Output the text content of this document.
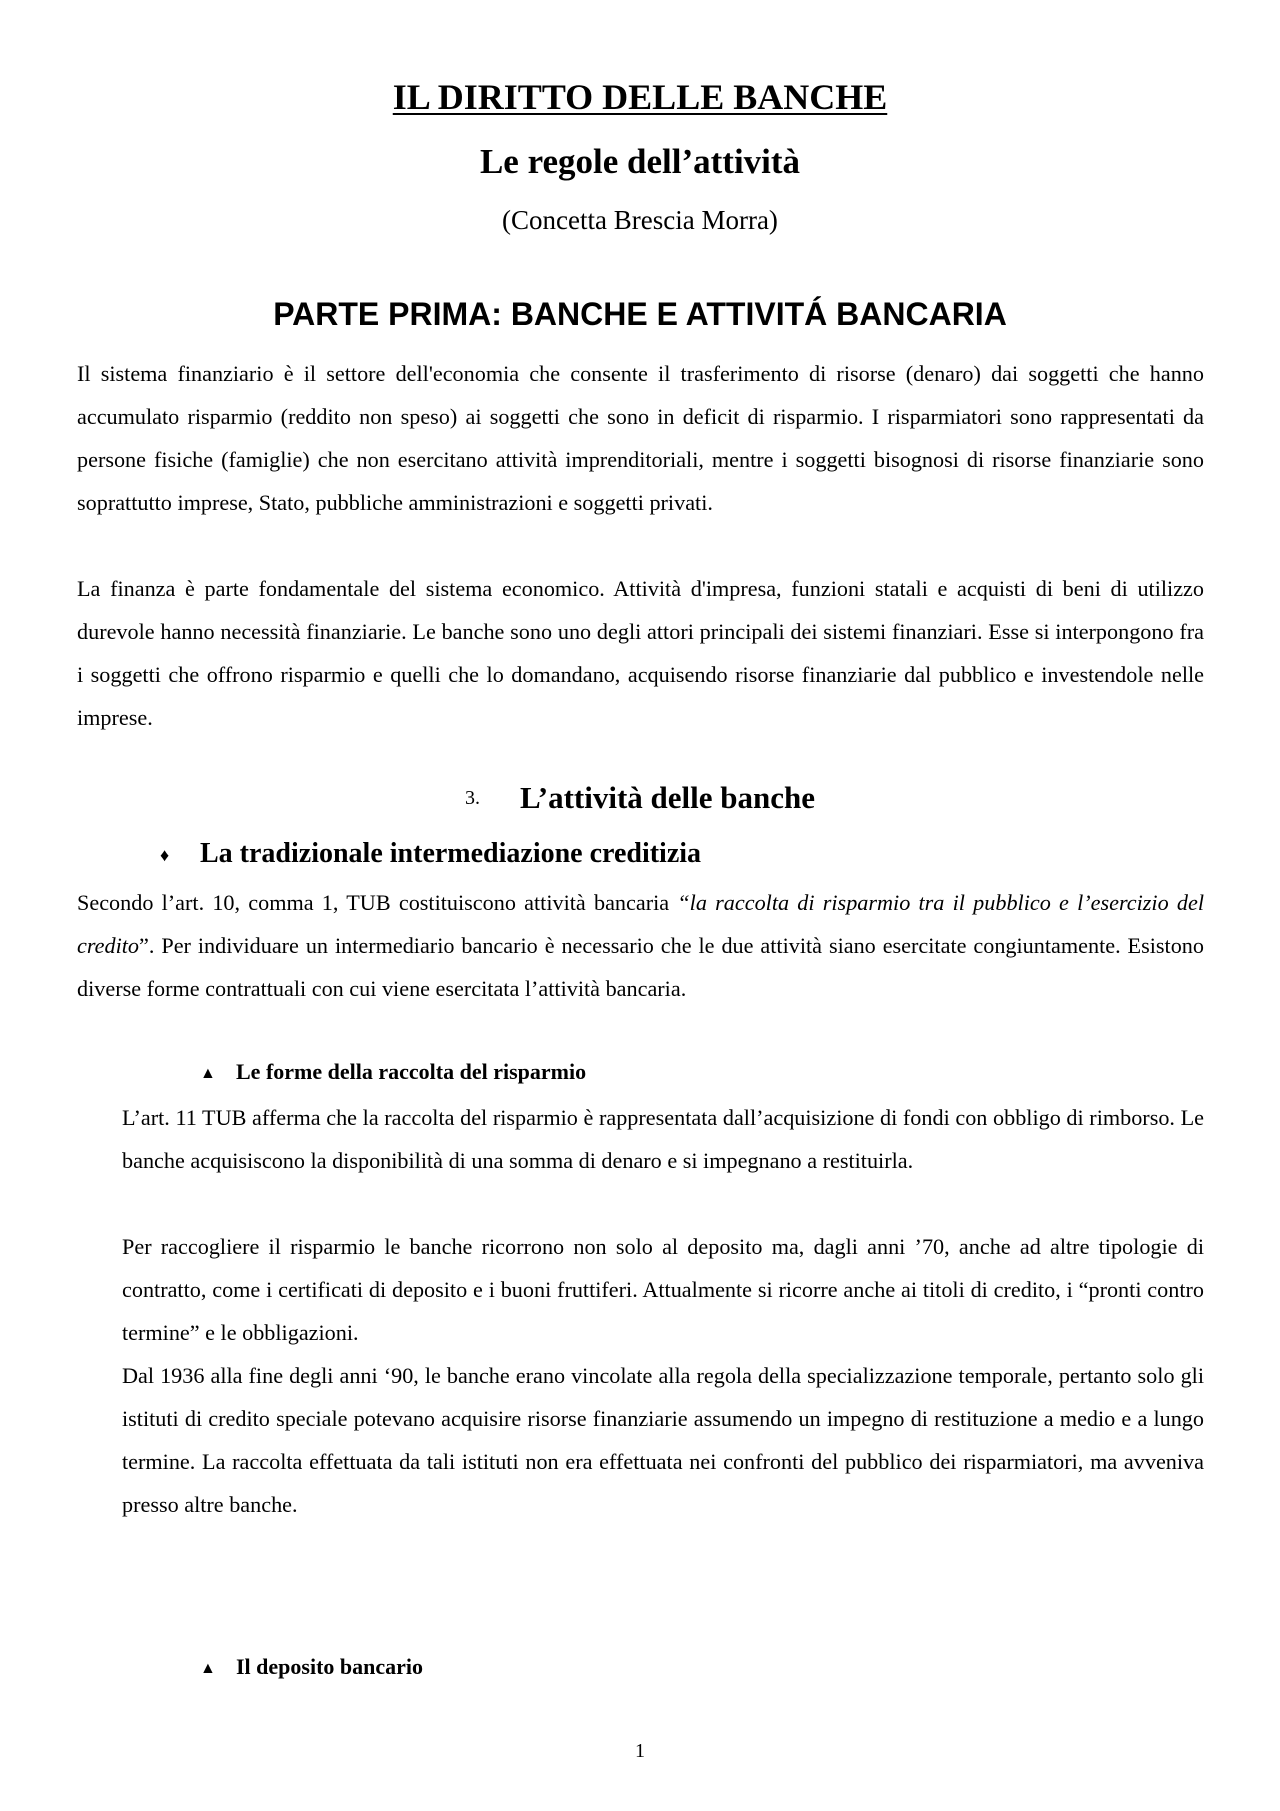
IL DIRITTO DELLE BANCHE
Le regole dell’attività

(Concetta Brescia Morra)

PARTE PRIMA: BANCHE E ATTIVITÁ BANCARIA

Il sistema finanziario è il settore dell'economia che consente il trasferimento di risorse (denaro) dai soggetti che hanno accumulato risparmio (reddito non speso) ai soggetti che sono in deficit di risparmio. I risparmiatori sono rappresentati da persone fisiche (famiglie) che non esercitano attività imprenditoriali, mentre i soggetti bisognosi di risorse finanziarie sono soprattutto imprese, Stato, pubbliche amministrazioni e soggetti privati.

La finanza è parte fondamentale del sistema economico. Attività d'impresa, funzioni statali e acquisti di beni di utilizzo durevole hanno necessità finanziarie. Le banche sono uno degli attori principali dei sistemi finanziari. Esse si interpongono fra i soggetti che offrono risparmio e quelli che lo domandano, acquisendo risorse finanziarie dal pubblico e investendole nelle imprese.

3. L’attività delle banche
♦ La tradizionale intermediazione creditizia

Secondo l’art. 10, comma 1, TUB costituiscono attività bancaria “la raccolta di risparmio tra il pubblico e l’esercizio del credito”. Per individuare un intermediario bancario è necessario che le due attività siano esercitate congiuntamente. Esistono diverse forme contrattuali con cui viene esercitata l’attività bancaria.

▲ Le forme della raccolta del risparmio

L’art. 11 TUB afferma che la raccolta del risparmio è rappresentata dall’acquisizione di fondi con obbligo di rimborso. Le banche acquisiscono la disponibilità di una somma di denaro e si impegnano a restituirla.

Per raccogliere il risparmio le banche ricorrono non solo al deposito ma, dagli anni ’70, anche ad altre tipologie di contratto, come i certificati di deposito e i buoni fruttiferi. Attualmente si ricorre anche ai titoli di credito, i “pronti contro termine” e le obbligazioni.

Dal 1936 alla fine degli anni ‘90, le banche erano vincolate alla regola della specializzazione temporale, pertanto solo gli istituti di credito speciale potevano acquisire risorse finanziarie assumendo un impegno di restituzione a medio e a lungo termine. La raccolta effettuata da tali istituti non era effettuata nei confronti del pubblico dei risparmiatori, ma avveniva presso altre banche.

▲ Il deposito bancario

1
